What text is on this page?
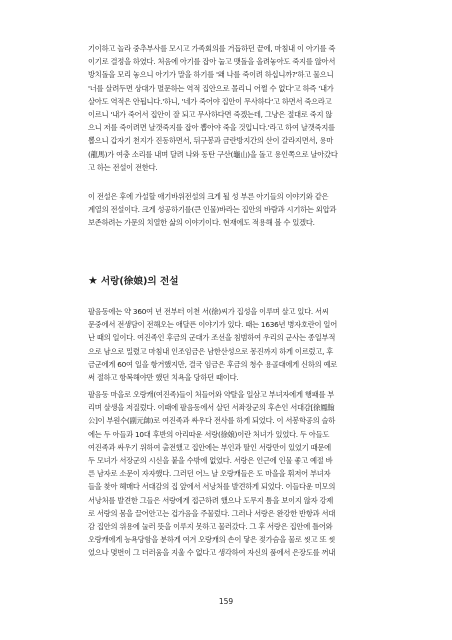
기이하고 놀라 중추부사를 모시고 가족회의를 거듭하던 끝에, 마침내 이 아기를 죽
이기로 결정을 하였다. 처음에 아기를 잡아 눕고 맷돌을 올려놓아도 죽지를 않아서
방치돌을 모리 놓으니 아기가 말을 하기를 '왜 나를 죽이려 하십니까?'하고 물으니
'너를 살려두면 상대가 멸문하는 역적 집안으로 몰리니 어쩔 수 없다'고 하즉 '내가
살아도 역적은 안됩니다.'하니, '네가 죽어야 집안이 무사하다'고 하면서 죽으라고
이르니 '내가 죽어서 집안이 잘 되고 무사하다면 죽겠는데, 그냥은 절대로 죽지 않
으니 저를 죽이려면 날갯죽지를 잡아 뽑아야 죽을 것입니다.'라고 하여 날갯죽지를
뽑으니 갑자기 천지가 진동하면서, 뒤구봉과 금란방지간의 산이 갈라지면서, 용마
(龍馬)가 여충 소리를 내며 달려 나와 동탄 구산(龜山)을 돌고 용인쪽으로 날아갔다
고 하는 전설이 전한다.
이 전설은 후에 가설할 애기바위전설의 크게 될 성 부른 아기들의 이야기와 같은
계열의 전설이다. 크게 성공하기를(큰 인물)바라는 집안의 바람과 시기하는 외압과
보존하려는 가문의 치열한 삶의 이야기이다. 현재에도 적용해 볼 수 있겠다.
★ 서랑(徐娘)의 전설
팔음동에는 약 360여 년 전부터 이천 서(徐)씨가 집성을 이루며 살고 있다. 서씨
문중에서 전생담이 전해오는 애달픈 이야기가 있다. 때는 1636년 병자호란이 일어
난 때의 일이다. 여진족인 후금의 군대가 조선을 침범하여 우리의 군사는 종일부적
으로 남으로 밀렸고 마침내 인조임금은 남한산성으로 몽진까지 하게 이르렀고, 후
금군에게 60여 일을 항거했지만, 결국 임금은 후금의 청수 용골대에게 신하의 예로
써 절하고 항복해야만 했던 치욕을 당하던 때이다.
팔음동 마을로 오랑캐(여진족)들이 처들어와 약탈을 일삼고 부녀자에게 행패를 부
리며 살생을 저질렀다. 이때에 팔음동에서 살던 서좌장군의 후손인 서대감[徐鳳翰
公]이 부원수(副元帥)로 여진족과 싸우다 전사를 하게 되었다. 이 서봉학공의 슬하
에는 두 아들과 10대 후반의 아리따운 서랑(徐娘)이란 처녀가 있었다. 두 아들도
여진족과 싸우기 위하여 출전했고 집안에는 부인과 딸인 서랑만이 있었기 때문에
두 모녀가 서장군의 시신을 붙을 수밖에 없었다. 서랑은 인근에 인물 좋고 예절 바
른 남자로 소문이 자자했다. 그러던 어느 날 오랑캐들은 도 마을을 휘저어 부녀자
들을 찾아 헤매다 서대감의 집 앞에서 서낭처를 발견하게 되었다. 이들다운 미모의
서낭처를 발견한 그들은 서랑에게 접근하려 했으나 도무지 틈을 보이지 않자 강제
로 서랑의 몸을 끌어안고는 겁가음을 주물렀다. 그러나 서랑은 완강한 반항과 서대
감 집안의 위용에 눌러 뜻을 이루지 못하고 물러갔다. 그 후 서랑은 집안에 틀어와
오랑캐에게 능욕당함을 분하게 여겨 오랑캐의 손이 닿은 젖가슴을 물로 씻고 또 씻
었으나 몇번이 그 더러움을 지울 수 없다고 생각하여 자신의 품에서 은장도를 꺼내
159
